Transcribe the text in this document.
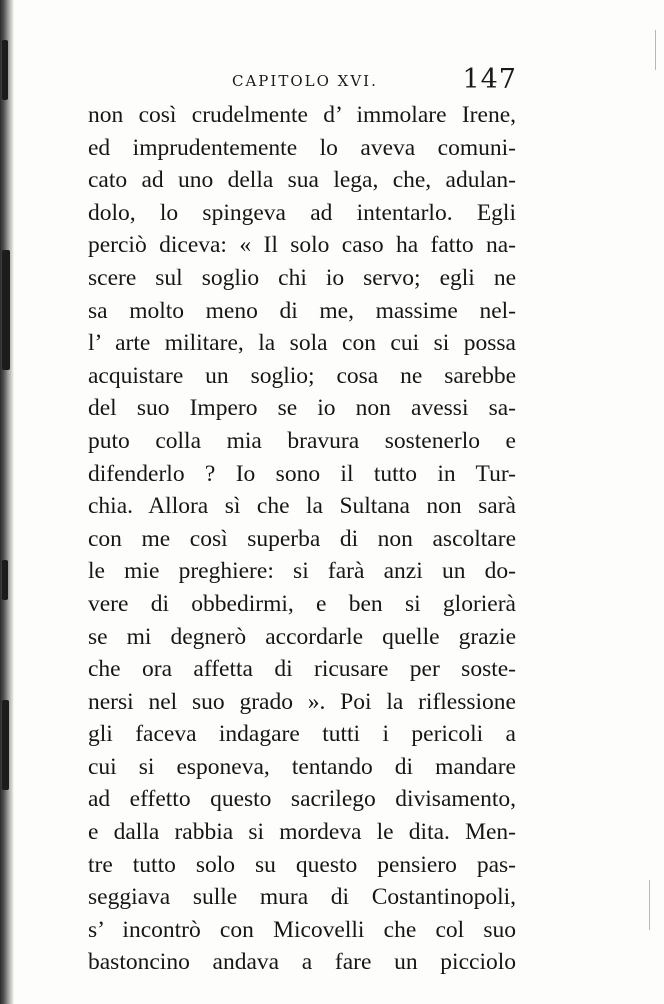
CAPITOLO XVI.	147
non così crudelmente d’ immolare Irene,
ed imprudentemente lo aveva comuni-
cato ad uno della sua lega, che, adulan-
dolo, lo spingeva ad intentarlo. Egli
perciò diceva: « Il solo caso ha fatto na-
scere sul soglio chi io servo; egli ne
sa molto meno di me, massime nel-
l’ arte militare, la sola con cui si possa
acquistare un soglio; cosa ne sarebbe
del suo Impero se io non avessi sa-
puto colla mia bravura sostenerlo e
difenderlo ? Io sono il tutto in Tur-
chia. Allora sì che la Sultana non sarà
con me così superba di non ascoltare
le mie preghiere: si farà anzi un do-
vere di obbedirmi, e ben si glorierà
se mi degnerò accordarle quelle grazie
che ora affetta di ricusare per soste-
nersi nel suo grado ». Poi la riflessione
gli faceva indagare tutti i pericoli a
cui si esponeva, tentando di mandare
ad effetto questo sacrilego divisamento,
e dalla rabbia si mordeva le dita. Men-
tre tutto solo su questo pensiero pas-
seggiava sulle mura di Costantinopoli,
s’ incontrò con Micovelli che col suo
bastoncino andava a fare un picciolo
